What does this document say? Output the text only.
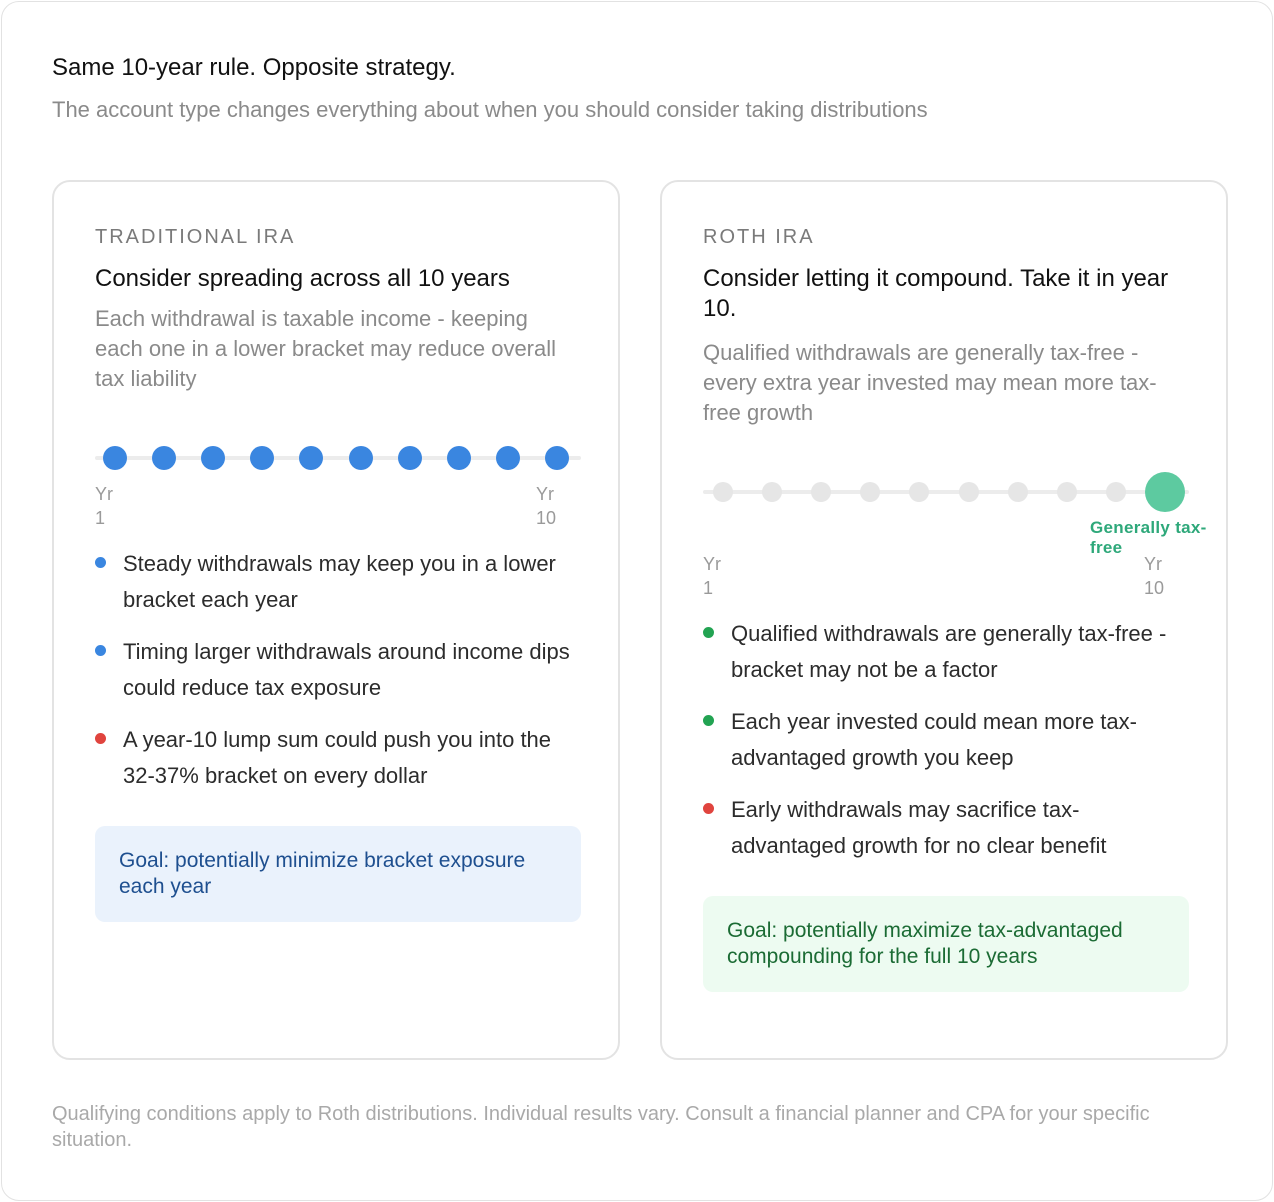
Same 10-year rule. Opposite strategy.
The account type changes everything about when you should consider taking distributions
TRADITIONAL IRA
Consider spreading across all 10 years
Each withdrawal is taxable income - keeping each one in a lower bracket may reduce overall tax liability
Yr
1
Yr
10
Steady withdrawals may keep you in a lower bracket each year
Timing larger withdrawals around income dips could reduce tax exposure
A year-10 lump sum could push you into the 32-37% bracket on every dollar
Goal: potentially minimize bracket exposure each year
ROTH IRA
Consider letting it compound. Take it in year 10.
Qualified withdrawals are generally tax-free - every extra year invested may mean more tax-free growth
Generally tax-free
Yr
1
Yr
10
Qualified withdrawals are generally tax-free - bracket may not be a factor
Each year invested could mean more tax-advantaged growth you keep
Early withdrawals may sacrifice tax-advantaged growth for no clear benefit
Goal: potentially maximize tax-advantaged compounding for the full 10 years
Qualifying conditions apply to Roth distributions. Individual results vary. Consult a financial planner and CPA for your specific situation.
